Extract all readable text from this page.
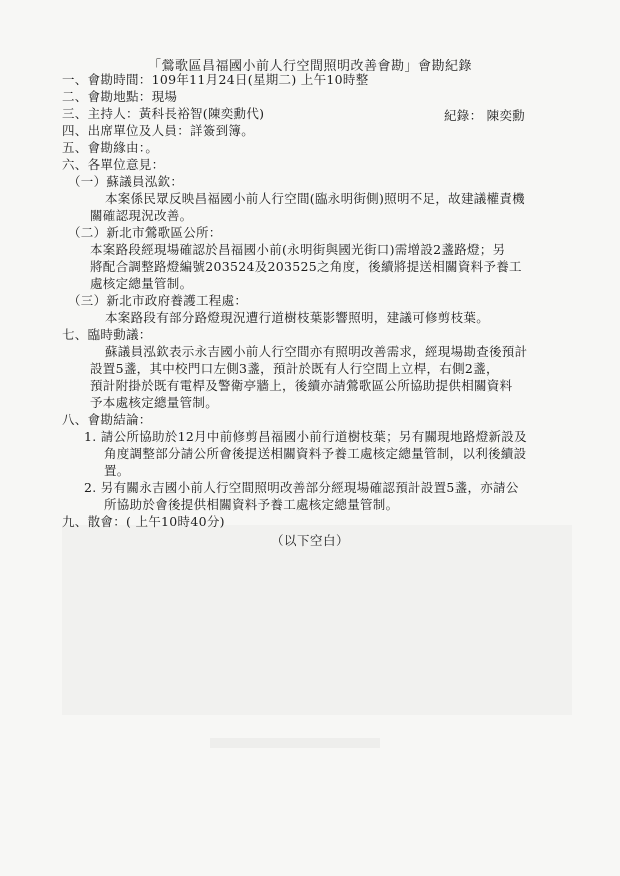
「鶯歌區昌福國小前人行空間照明改善會勘」會勘紀錄
一、會勘時間：109年11月24日(星期二) 上午10時整
二、會勘地點：現場
三、主持人：黃科長裕智(陳奕勳代)	紀錄： 陳奕勳
四、出席單位及人員：詳簽到簿。
五、會勘緣由：。
六、各單位意見：
（一）蘇議員泓欽：
本案係民眾反映昌福國小前人行空間(臨永明街側)照明不足，故建議權責機
關確認現況改善。
（二）新北市鶯歌區公所：
本案路段經現場確認於昌福國小前(永明街與國光街口)需增設2盞路燈；另
將配合調整路燈編號203524及203525之角度，後續將提送相關資料予養工
處核定總量管制。
（三）新北市政府養護工程處：
本案路段有部分路燈現況遭行道樹枝葉影響照明，建議可修剪枝葉。
七、臨時動議：
蘇議員泓欽表示永吉國小前人行空間亦有照明改善需求，經現場勘查後預計
設置5盞，其中校門口左側3盞，預計於既有人行空間上立桿，右側2盞，
預計附掛於既有電桿及警衛亭牆上，後續亦請鶯歌區公所協助提供相關資料
予本處核定總量管制。
八、會勘結論：
1. 請公所協助於12月中前修剪昌福國小前行道樹枝葉；另有關現地路燈新設及
角度調整部分請公所會後提送相關資料予養工處核定總量管制，以利後續設
置。
2. 另有關永吉國小前人行空間照明改善部分經現場確認預計設置5盞，亦請公
所協助於會後提供相關資料予養工處核定總量管制。
九、散會：( 上午10時40分)
（以下空白）
